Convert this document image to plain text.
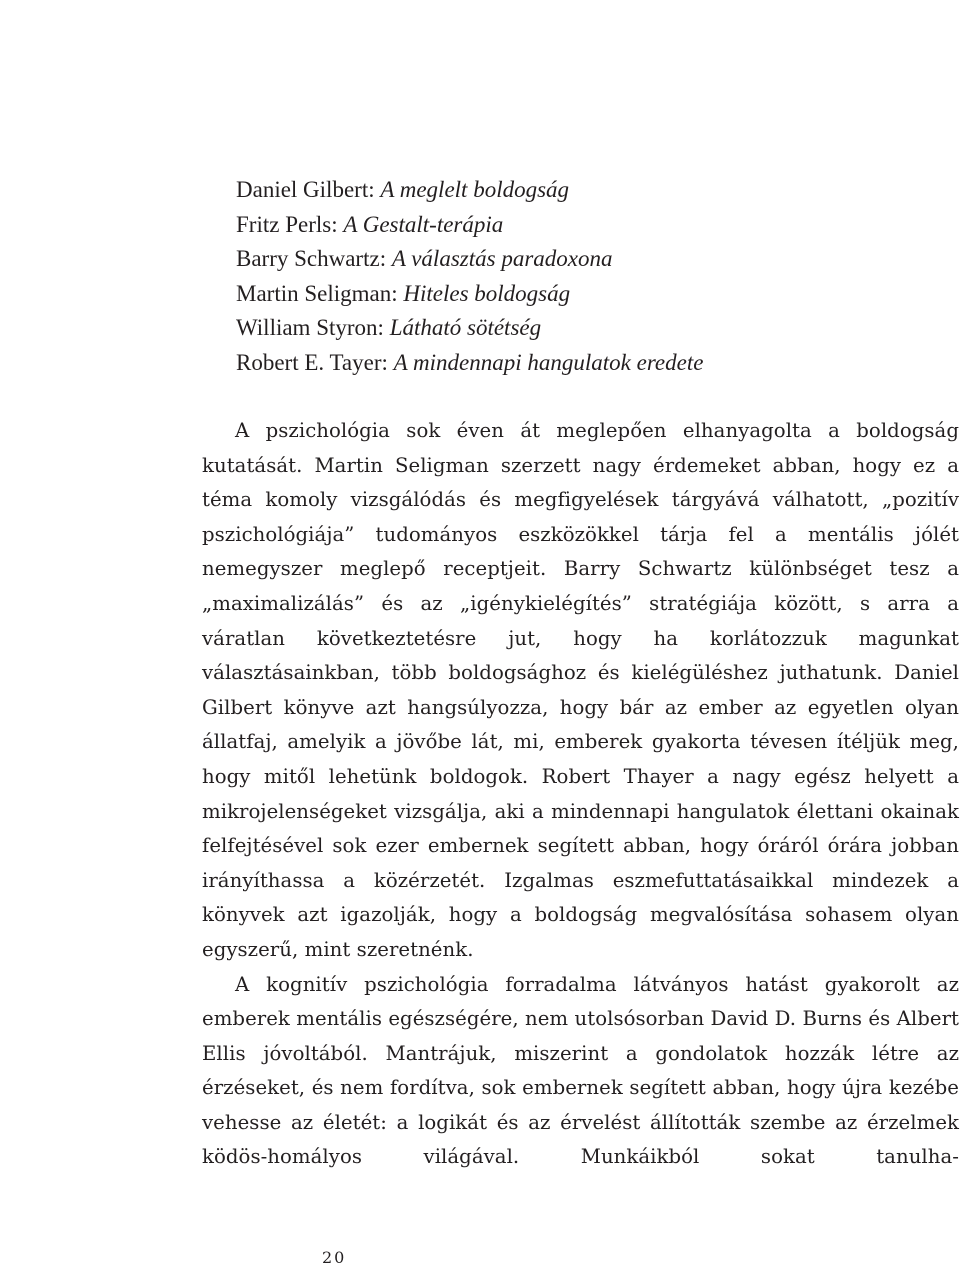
Daniel Gilbert: A meglelt boldogság
Fritz Perls: A Gestalt-terápia
Barry Schwartz: A választás paradoxona
Martin Seligman: Hiteles boldogság
William Styron: Látható sötétség
Robert E. Tayer: A mindennapi hangulatok eredete

A pszichológia sok éven át meglepően elhanyagolta a boldogság kutatását. Martin Seligman szerzett nagy érdemeket abban, hogy ez a téma komoly vizsgálódás és megfigyelések tárgyává válhatott, „pozitív pszichológiája” tudományos eszközökkel tárja fel a mentális jólét nemegyszer meglepő receptjeit. Barry Schwartz különbséget tesz a „maximalizálás” és az „igénykielégítés” stratégiája között, s arra a váratlan következtetésre jut, hogy ha korlátozzuk magunkat választásainkban, több boldogsághoz és kielégüléshez juthatunk. Daniel Gilbert könyve azt hangsúlyozza, hogy bár az ember az egyetlen olyan állatfaj, amelyik a jövőbe lát, mi, emberek gyakorta tévesen ítéljük meg, hogy mitől lehetünk boldogok. Robert Thayer a nagy egész helyett a mikrojelenségeket vizsgálja, aki a mindennapi hangulatok élettani okainak felfejtésével sok ezer embernek segített abban, hogy óráról órára jobban irányíthassa a közérzetét. Izgalmas eszmefuttatásaikkal mindezek a könyvek azt igazolják, hogy a boldogság megvalósítása sohasem olyan egyszerű, mint szeretnénk.

A kognitív pszichológia forradalma látványos hatást gyakorolt az emberek mentális egészségére, nem utolsósorban David D. Burns és Albert Ellis jóvoltából. Mantrájuk, miszerint a gondolatok hozzák létre az érzéseket, és nem fordítva, sok embernek segített abban, hogy újra kezébe vehesse az életét: a logikát és az érvelést állították szembe az érzelmek ködös-homályos világával. Munkáikból sokat tanulha-

20
